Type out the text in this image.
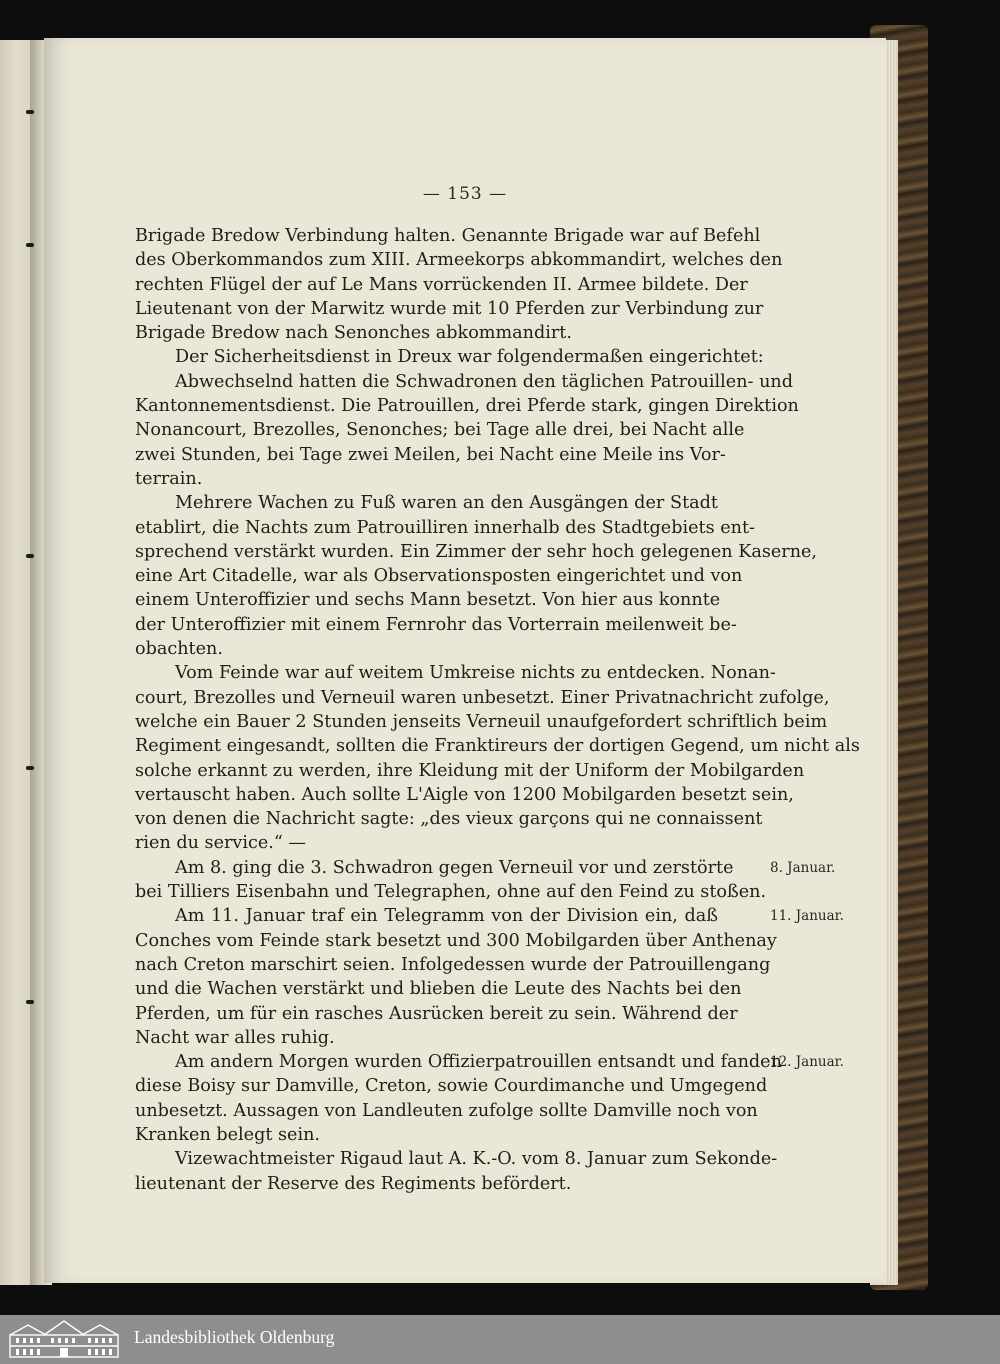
— 153 —
Brigade Bredow Verbindung halten. Genannte Brigade war auf Befehl
des Oberkommandos zum XIII. Armeekorps abkommandirt, welches den
rechten Flügel der auf Le Mans vorrückenden II. Armee bildete. Der
Lieutenant von der Marwitz wurde mit 10 Pferden zur Verbindung zur
Brigade Bredow nach Senonches abkommandirt.
Der Sicherheitsdienst in Dreux war folgendermaßen eingerichtet:
Abwechselnd hatten die Schwadronen den täglichen Patrouillen- und
Kantonnementsdienst. Die Patrouillen, drei Pferde stark, gingen Direktion
Nonancourt, Brezolles, Senonches; bei Tage alle drei, bei Nacht alle
zwei Stunden, bei Tage zwei Meilen, bei Nacht eine Meile ins Vor-
terrain.
Mehrere Wachen zu Fuß waren an den Ausgängen der Stadt
etablirt, die Nachts zum Patrouilliren innerhalb des Stadtgebiets ent-
sprechend verstärkt wurden. Ein Zimmer der sehr hoch gelegenen Kaserne,
eine Art Citadelle, war als Observationsposten eingerichtet und von
einem Unteroffizier und sechs Mann besetzt. Von hier aus konnte
der Unteroffizier mit einem Fernrohr das Vorterrain meilenweit be-
obachten.
Vom Feinde war auf weitem Umkreise nichts zu entdecken. Nonan-
court, Brezolles und Verneuil waren unbesetzt. Einer Privatnachricht zufolge,
welche ein Bauer 2 Stunden jenseits Verneuil unaufgefordert schriftlich beim
Regiment eingesandt, sollten die Franktireurs der dortigen Gegend, um nicht als
solche erkannt zu werden, ihre Kleidung mit der Uniform der Mobilgarden
vertauscht haben. Auch sollte L'Aigle von 1200 Mobilgarden besetzt sein,
von denen die Nachricht sagte: „des vieux garçons qui ne connaissent
rien du service.“ —
Am 8. ging die 3. Schwadron gegen Verneuil vor und zerstörte
bei Tilliers Eisenbahn und Telegraphen, ohne auf den Feind zu stoßen.
Am 11. Januar traf ein Telegramm von der Division ein, daß
Conches vom Feinde stark besetzt und 300 Mobilgarden über Anthenay
nach Creton marschirt seien. Infolgedessen wurde der Patrouillengang
und die Wachen verstärkt und blieben die Leute des Nachts bei den
Pferden, um für ein rasches Ausrücken bereit zu sein. Während der
Nacht war alles ruhig.
Am andern Morgen wurden Offizierpatrouillen entsandt und fanden
diese Boisy sur Damville, Creton, sowie Courdimanche und Umgegend
unbesetzt. Aussagen von Landleuten zufolge sollte Damville noch von
Kranken belegt sein.
Vizewachtmeister Rigaud laut A. K.-O. vom 8. Januar zum Sekonde-
lieutenant der Reserve des Regiments befördert.
8. Januar.
11. Januar.
12. Januar.
Landesbibliothek Oldenburg
